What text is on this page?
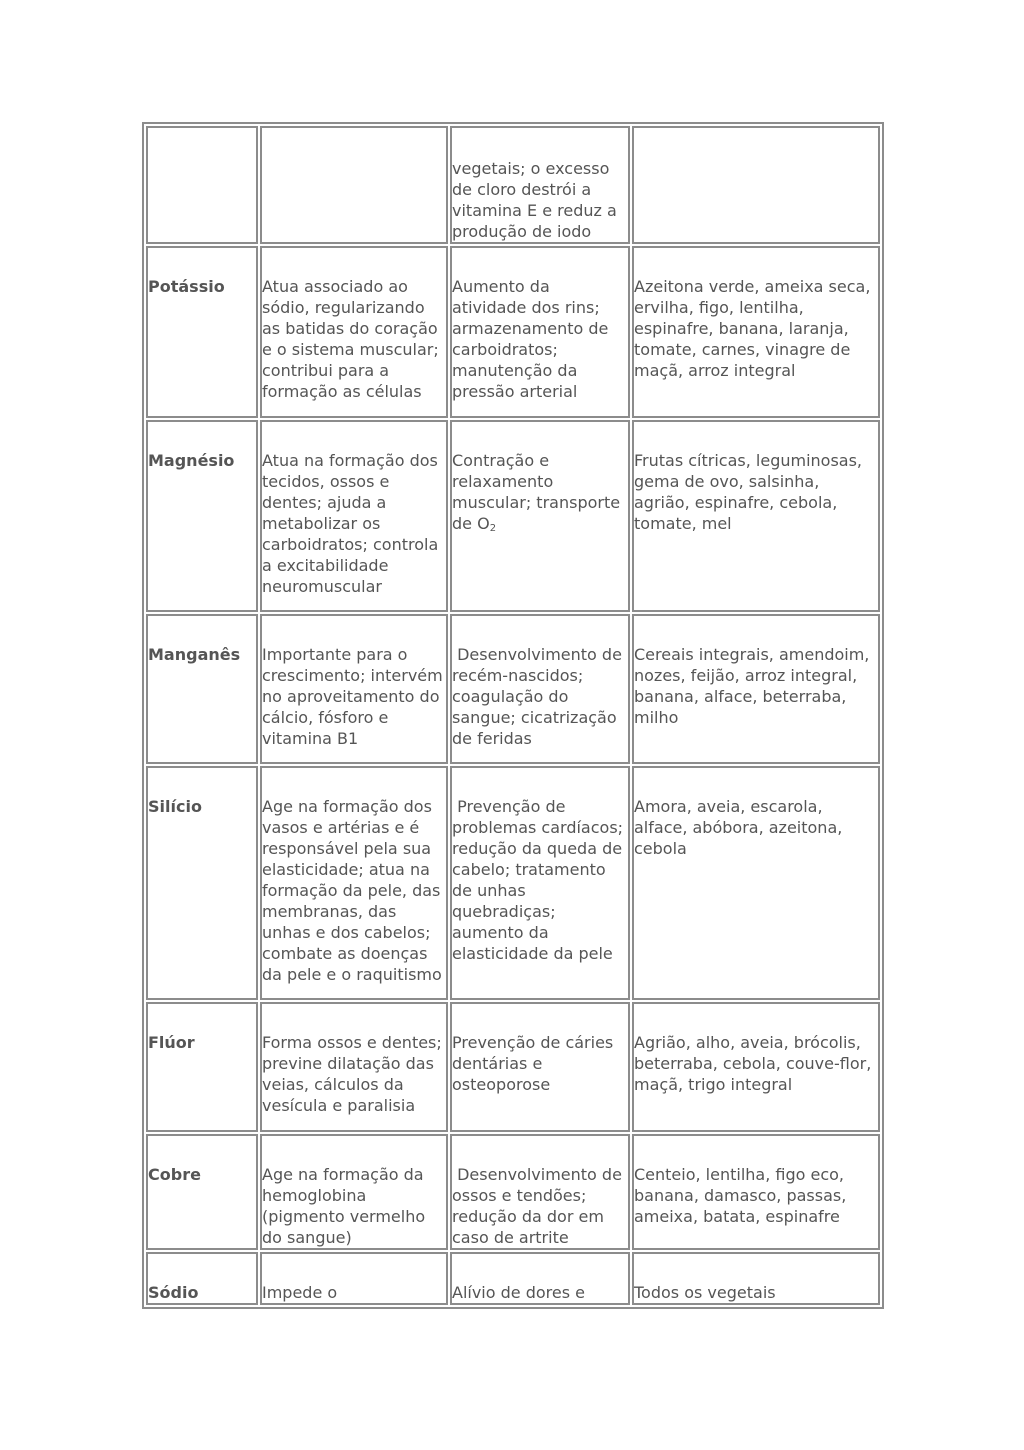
		vegetais; o excesso de cloro destrói a vitamina E e reduz a produção de iodo	
Potássio	Atua associado ao sódio, regularizando as batidas do coração e o sistema muscular; contribui para a formação as células	Aumento da atividade dos rins; armazenamento de carboidratos; manutenção da pressão arterial	Azeitona verde, ameixa seca, ervilha, figo, lentilha, espinafre, banana, laranja, tomate, carnes, vinagre de maçã, arroz integral
Magnésio	Atua na formação dos tecidos, ossos e dentes; ajuda a metabolizar os carboidratos; controla a excitabilidade neuromuscular	Contração e relaxamento muscular; transporte de $O_2$	Frutas cítricas, leguminosas, gema de ovo, salsinha, agrião, espinafre, cebola, tomate, mel
Manganês	Importante para o crescimento; intervém no aproveitamento do cálcio, fósforo e vitamina B1	Desenvolvimento de recém-nascidos; coagulação do sangue; cicatrização de feridas	Cereais integrais, amendoim, nozes, feijão, arroz integral, banana, alface, beterraba, milho
Silício	Age na formação dos vasos e artérias e é responsável pela sua elasticidade; atua na formação da pele, das membranas, das unhas e dos cabelos; combate as doenças da pele e o raquitismo	Prevenção de problemas cardíacos; redução da queda de cabelo; tratamento de unhas quebradiças; aumento da elasticidade da pele	Amora, aveia, escarola, alface, abóbora, azeitona, cebola
Flúor	Forma ossos e dentes; previne dilatação das veias, cálculos da vesícula e paralisia	Prevenção de cáries dentárias e osteoporose	Agrião, alho, aveia, brócolis, beterraba, cebola, couve-flor, maçã, trigo integral
Cobre	Age na formação da hemoglobina (pigmento vermelho do sangue)	Desenvolvimento de ossos e tendões; redução da dor em caso de artrite	Centeio, lentilha, figo eco, banana, damasco, passas, ameixa, batata, espinafre
Sódio	Impede o	Alívio de dores e	Todos os vegetais
